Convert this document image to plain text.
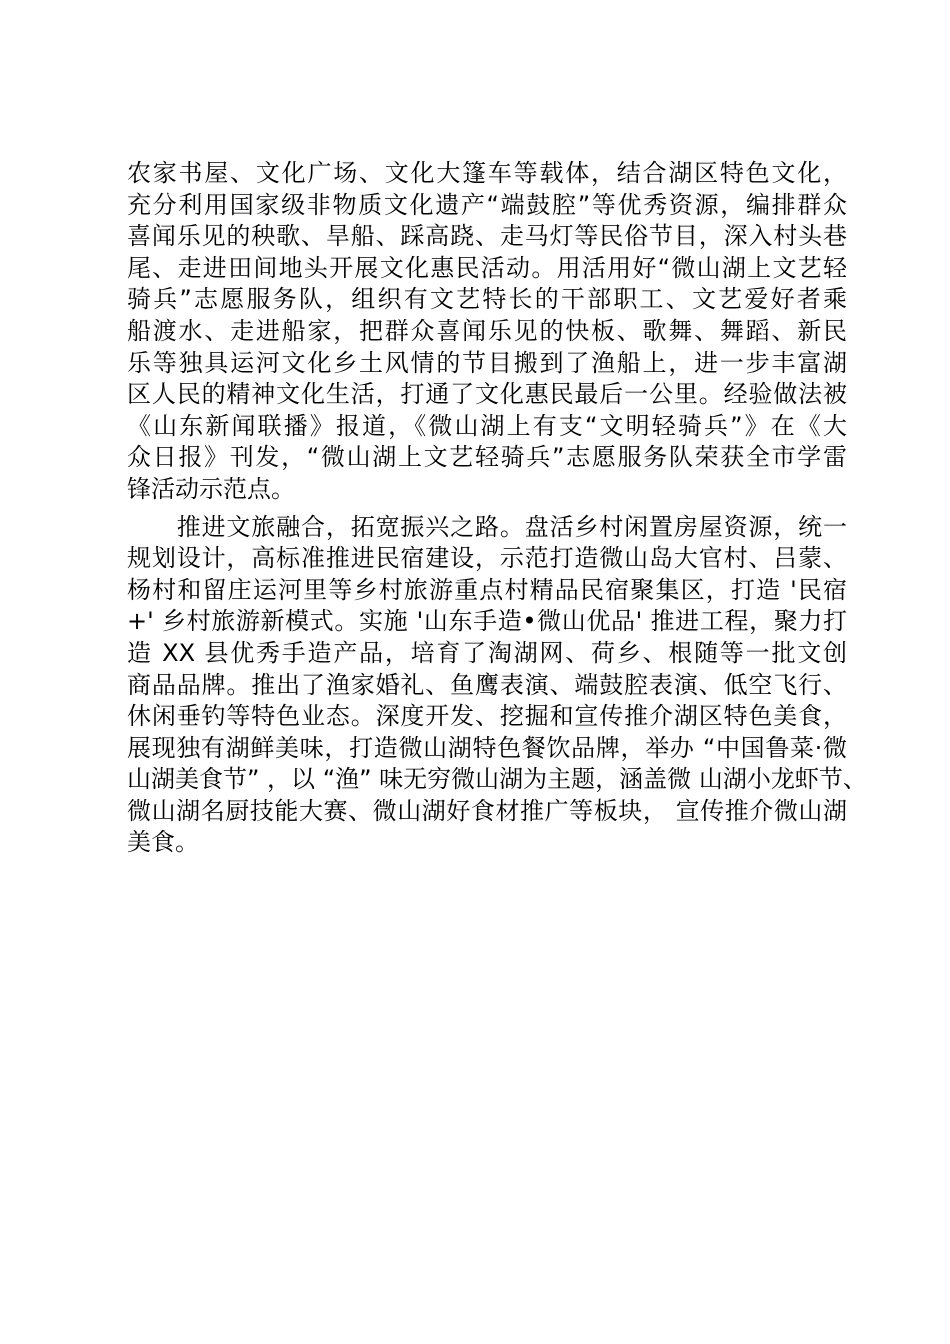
农家书屋、文化广场、文化大篷车等载体，结合湖区特色文化，
充分利用国家级非物质文化遗产“端鼓腔”等优秀资源，编排群众
喜闻乐见的秧歌、旱船、踩高跷、走马灯等民俗节目，深入村头巷
尾、走进田间地头开展文化惠民活动。用活用好“微山湖上文艺轻
骑兵”志愿服务队，组织有文艺特长的干部职工、文艺爱好者乘
船渡水、走进船家，把群众喜闻乐见的快板、歌舞、舞蹈、新民
乐等独具运河文化乡土风情的节目搬到了渔船上，进一步丰富湖
区人民的精神文化生活，打通了文化惠民最后一公里。经验做法被
《山东新闻联播》报道，《微山湖上有支“文明轻骑兵”》在《大
众日报》刊发，“微山湖上文艺轻骑兵”志愿服务队荣获全市学雷
锋活动示范点。
　　推进文旅融合，拓宽振兴之路。盘活乡村闲置房屋资源，统一
规划设计，高标准推进民宿建设，示范打造微山岛大官村、吕蒙、
杨村和留庄运河里等乡村旅游重点村精品民宿聚集区，打造 '民宿
+' 乡村旅游新模式。实施 '山东手造•微山优品' 推进工程，聚力打
造 XX 县优秀手造产品，培育了淘湖网、荷乡、根随等一批文创
商品品牌。推出了渔家婚礼、鱼鹰表演、端鼓腔表演、低空飞行、
休闲垂钓等特色业态。深度开发、挖掘和宣传推介湖区特色美食，
展现独有湖鲜美味，打造微山湖特色餐饮品牌，举办 “中国鲁菜·微
山湖美食节” ，以 “渔” 味无穷微山湖为主题，涵盖微 山湖小龙虾节、
微山湖名厨技能大赛、微山湖好食材推广等板块， 宣传推介微山湖
美食。
